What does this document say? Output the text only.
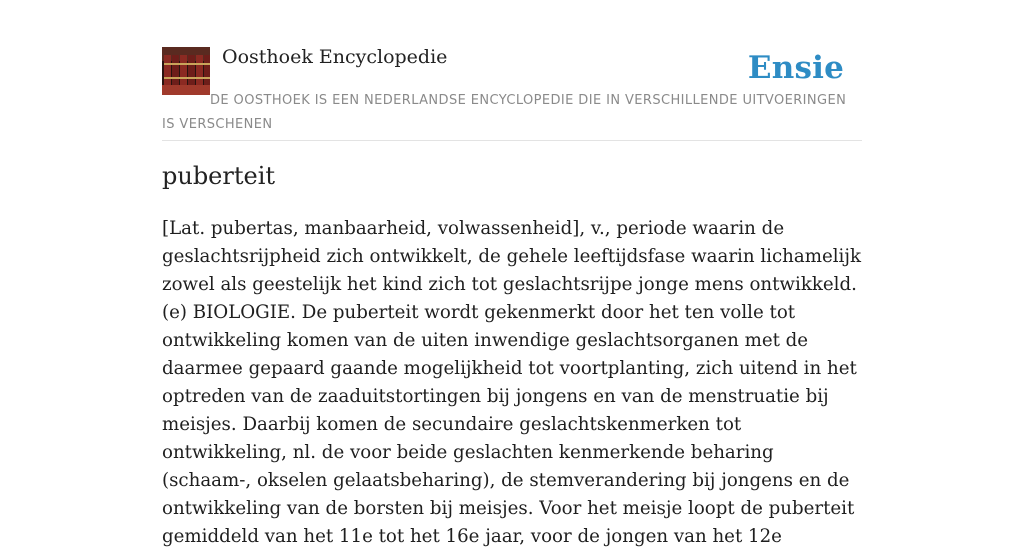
Oosthoek Encyclopedie	Ensie
DE OOSTHOEK IS EEN NEDERLANDSE ENCYCLOPEDIE DIE IN VERSCHILLENDE UITVOERINGEN IS VERSCHENEN
puberteit

[Lat. pubertas, manbaarheid, volwassenheid], v., periode waarin de geslachtsrijpheid zich ontwikkelt, de gehele leeftijdsfase waarin lichamelijk zowel als geestelijk het kind zich tot geslachtsrijpe jonge mens ontwikkeld. (e) BIOLOGIE. De puberteit wordt gekenmerkt door het ten volle tot ontwikkeling komen van de uiten inwendige geslachtsorganen met de daarmee gepaard gaande mogelijkheid tot voortplanting, zich uitend in het optreden van de zaaduitstortingen bij jongens en van de menstruatie bij meisjes. Daarbij komen de secundaire geslachtskenmerken tot ontwikkeling, nl. de voor beide geslachten kenmerkende beharing (schaam-, okselen gelaatsbeharing), de stemverandering bij jongens en de ontwikkeling van de borsten bij meisjes. Voor het meisje loopt de puberteit gemiddeld van het 11e tot het 16e jaar, voor de jongen van het 12e
